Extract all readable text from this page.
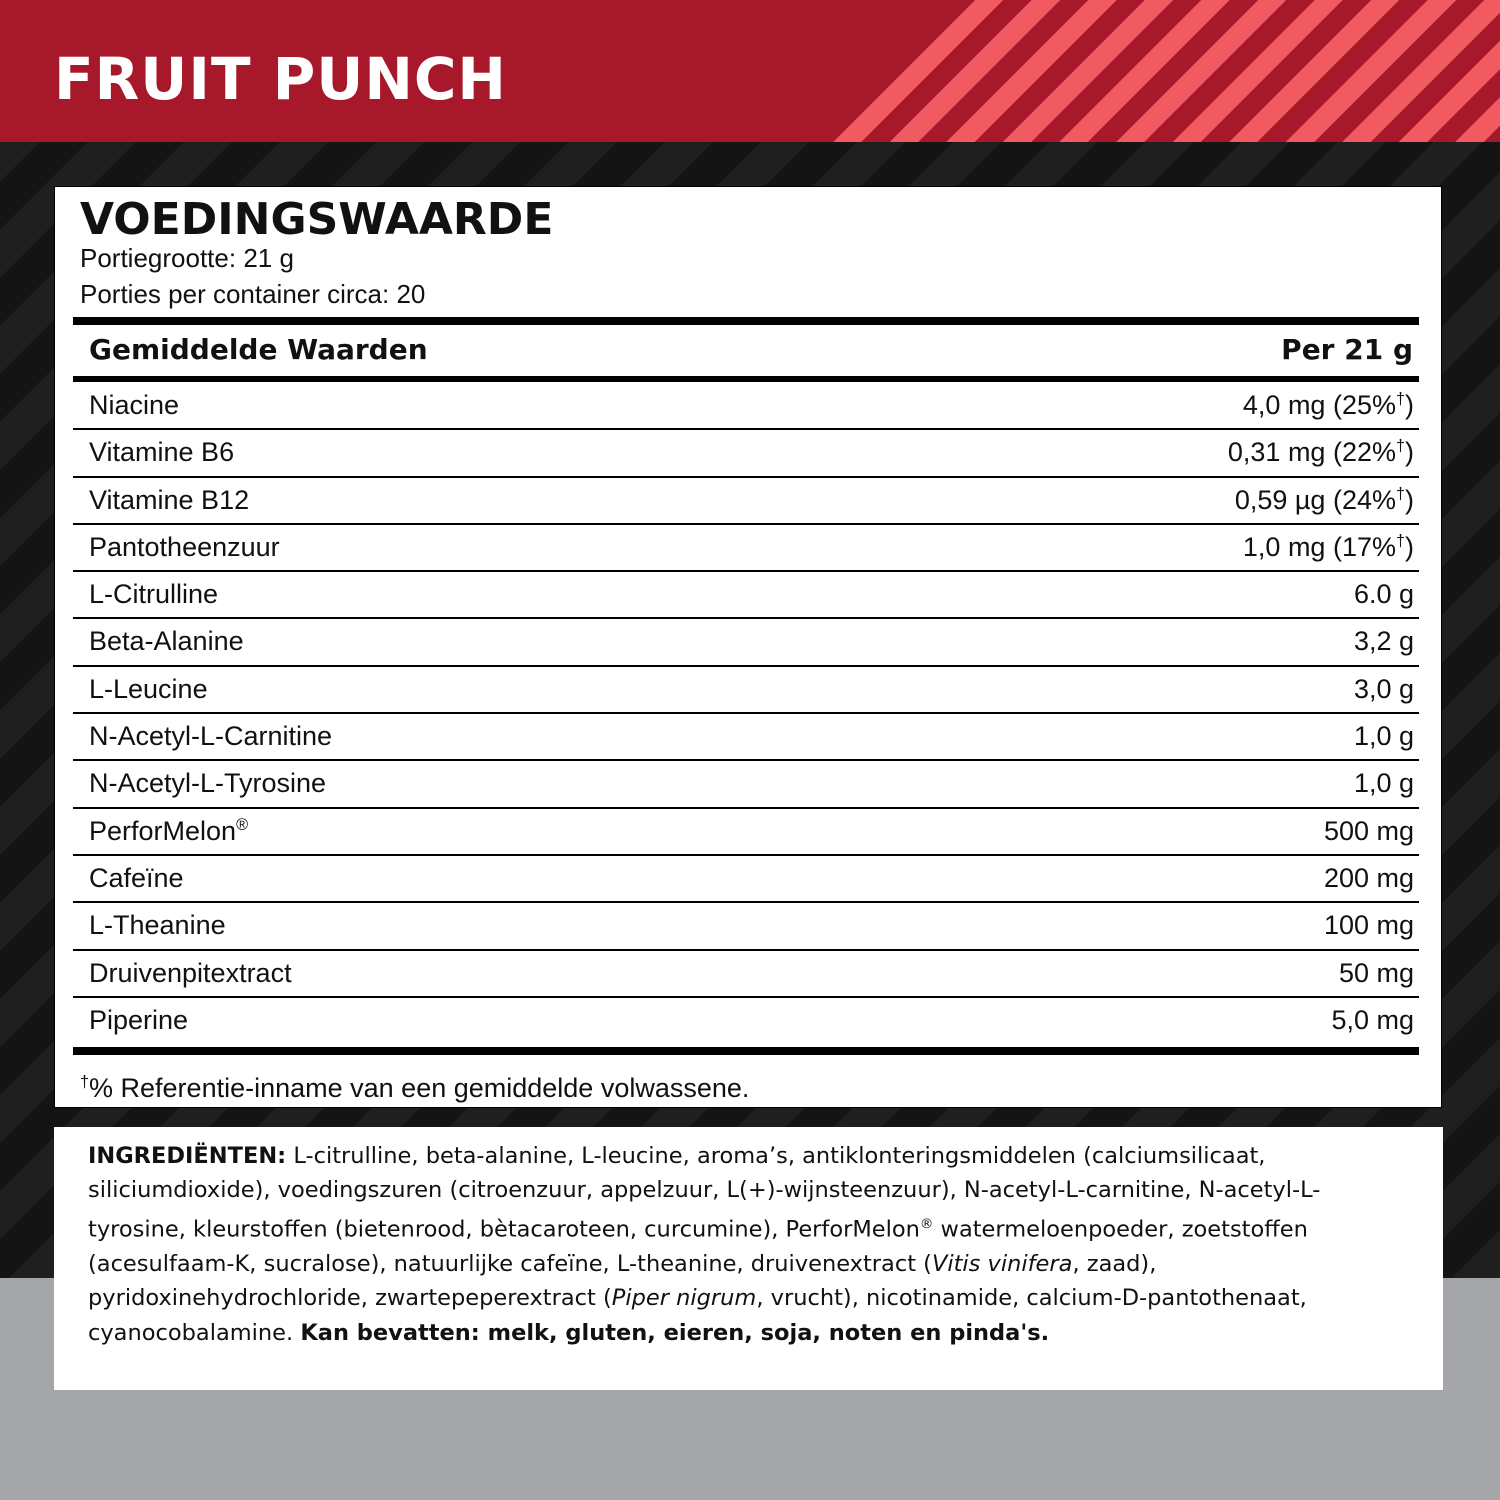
FRUIT PUNCH
VOEDINGSWAARDE
Portiegrootte: 21 g
Porties per container circa: 20
Gemiddelde Waarden	Per 21 g
Niacine	4,0 mg (25%†)
Vitamine B6	0,31 mg (22%†)
Vitamine B12	0,59 µg (24%†)
Pantotheenzuur	1,0 mg (17%†)
L-Citrulline	6.0 g
Beta-Alanine	3,2 g
L-Leucine	3,0 g
N-Acetyl-L-Carnitine	1,0 g
N-Acetyl-L-Tyrosine	1,0 g
PerforMelon®	500 mg
Cafeïne	200 mg
L-Theanine	100 mg
Druivenpitextract	50 mg
Piperine	5,0 mg
†% Referentie-inname van een gemiddelde volwassene.

INGREDIËNTEN: L-citrulline, beta-alanine, L-leucine, aroma’s, antiklonteringsmiddelen (calciumsilicaat, siliciumdioxide), voedingszuren (citroenzuur, appelzuur, L(+)-wijnsteenzuur), N-acetyl-L-carnitine, N-acetyl-L-tyrosine, kleurstoffen (bietenrood, bètacaroteen, curcumine), PerforMelon® watermeloenpoeder, zoetstoffen (acesulfaam-K, sucralose), natuurlijke cafeïne, L-theanine, druivenextract (Vitis vinifera, zaad), pyridoxinehydrochloride, zwartepeperextract (Piper nigrum, vrucht), nicotinamide, calcium-D-pantothenaat, cyanocobalamine. Kan bevatten: melk, gluten, eieren, soja, noten en pinda's.
